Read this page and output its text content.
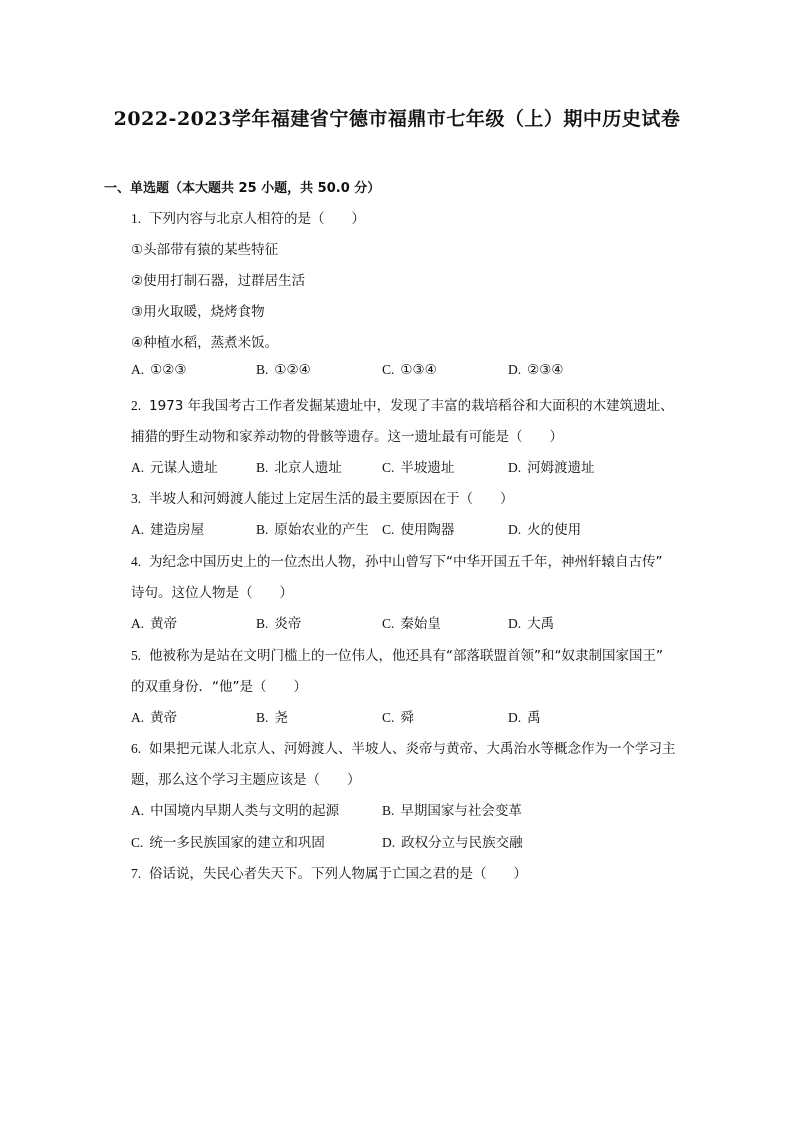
2022-2023学年福建省宁德市福鼎市七年级（上）期中历史试卷
一、单选题（本大题共 25 小题，共 50.0 分）
1. 下列内容与北京人相符的是（　　）
①头部带有猿的某些特征
②使用打制石器，过群居生活
③用火取暖，烧烤食物
④种植水稻，蒸煮米饭。
A. ①②③	B. ①②④	C. ①③④	D. ②③④
2. 1973 年我国考古工作者发掘某遗址中，发现了丰富的栽培稻谷和大面积的木建筑遗址、
捕猎的野生动物和家养动物的骨骸等遗存。这一遗址最有可能是（　　）
A. 元谋人遗址	B. 北京人遗址	C. 半坡遗址	D. 河姆渡遗址
3. 半坡人和河姆渡人能过上定居生活的最主要原因在于（　　）
A. 建造房屋	B. 原始农业的产生 C. 使用陶器	D. 火的使用
4. 为纪念中国历史上的一位杰出人物，孙中山曾写下“中华开国五千年，神州轩辕自古传”
诗句。这位人物是（　　）
A. 黄帝	B. 炎帝	C. 秦始皇	D. 大禹
5. 他被称为是站在文明门槛上的一位伟人，他还具有“部落联盟首领”和“奴隶制国家国王”
的双重身份．“他”是（　　）
A. 黄帝	B. 尧	C. 舜	D. 禹
6. 如果把元谋人北京人、河姆渡人、半坡人、炎帝与黄帝、大禹治水等概念作为一个学习主
题，那么这个学习主题应该是（　　）
A. 中国境内早期人类与文明的起源	B. 早期国家与社会变革
C. 统一多民族国家的建立和巩固	D. 政权分立与民族交融
7. 俗话说，失民心者失天下。下列人物属于亡国之君的是（　　）
